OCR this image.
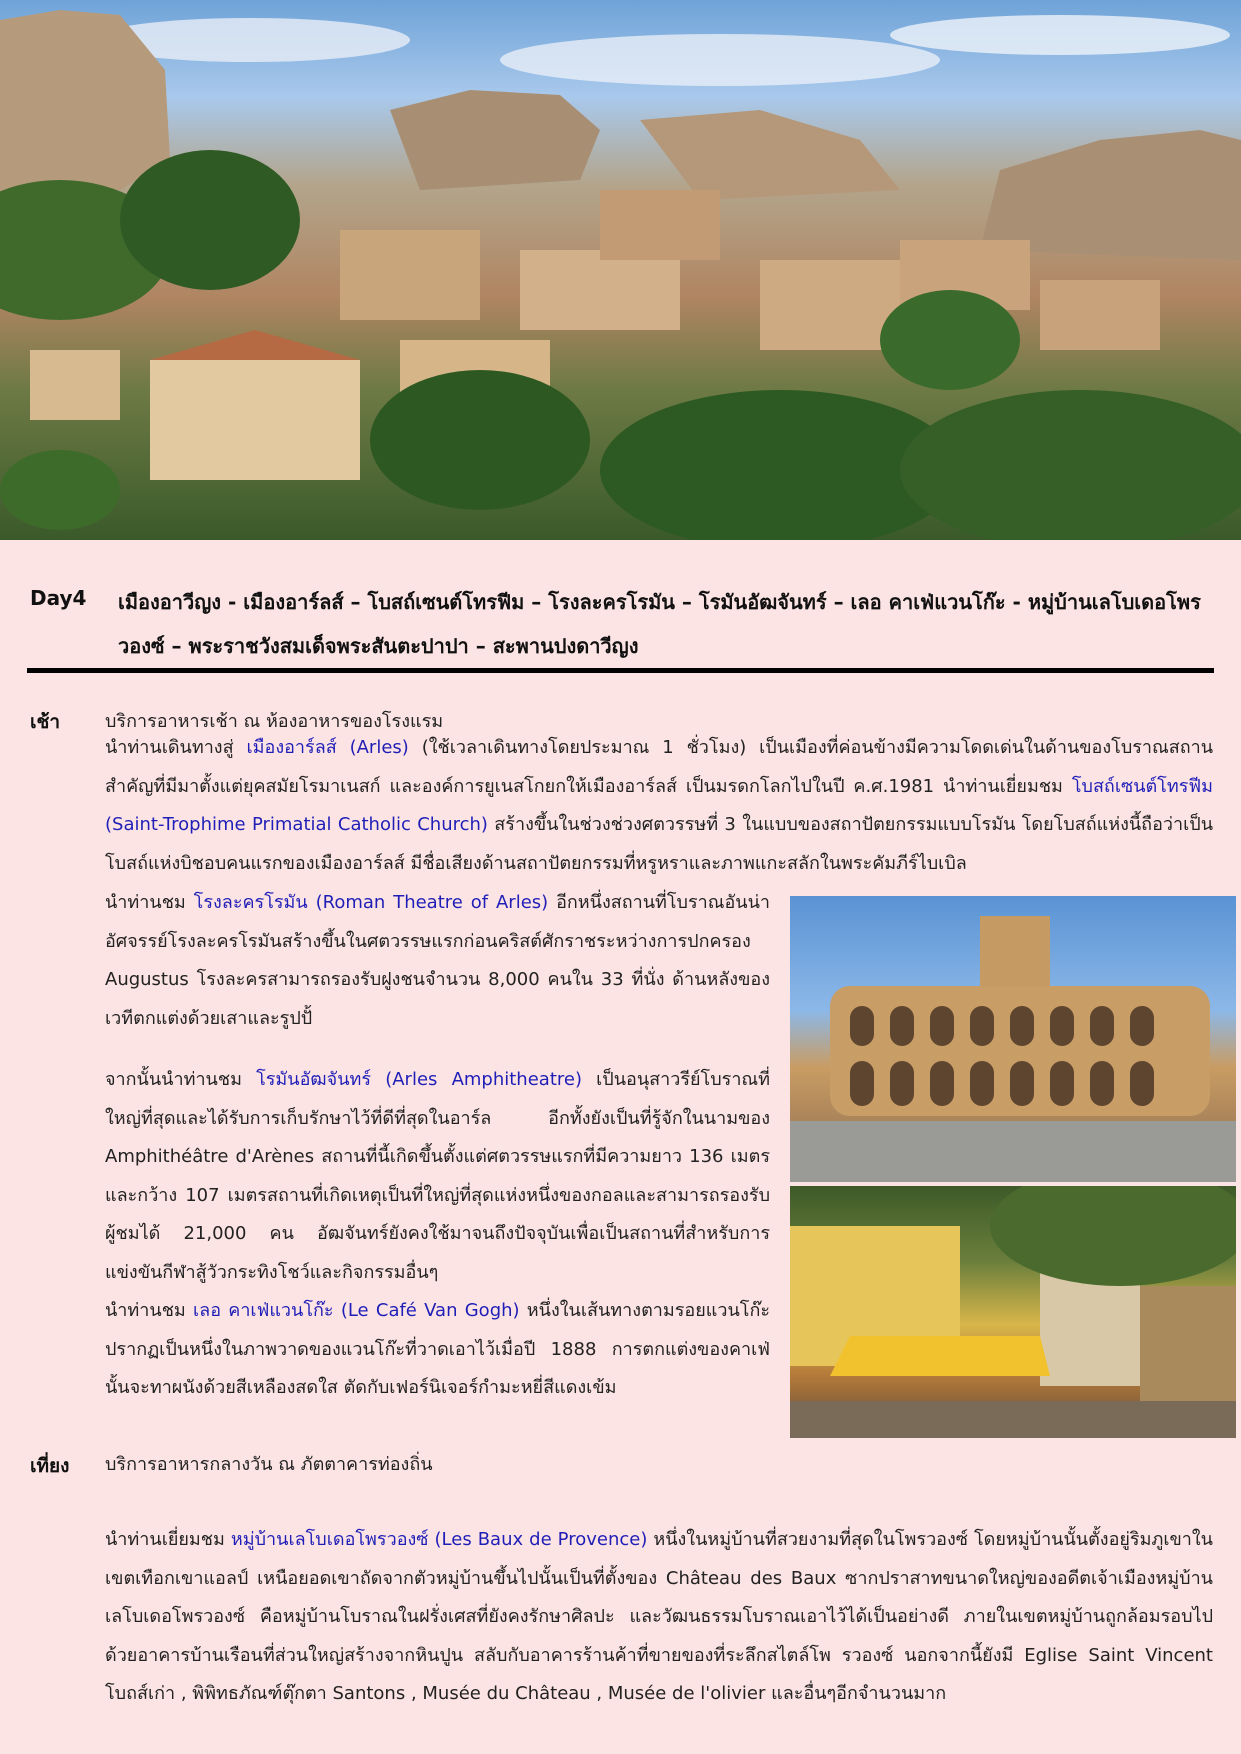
Day4 เมืองอาวีญง - เมืองอาร์ลส์ – โบสถ์เซนต์โทรฟีม – โรงละครโรมัน – โรมันอัฒจันทร์ – เลอ คาเฟ่แวนโก๊ะ - หมู่บ้านเลโบเดอโพรวองซ์ – พระราชวังสมเด็จพระสันตะปาปา – สะพานปงดาวีญง
เช้า บริการอาหารเช้า ณ ห้องอาหารของโรงแรม
นำท่านเดินทางสู่ เมืองอาร์ลส์ (Arles) (ใช้เวลาเดินทางโดยประมาณ 1 ชั่วโมง) เป็นเมืองที่ค่อนข้างมีความโดดเด่นในด้านของโบราณสถานสำคัญที่มีมาตั้งแต่ยุคสมัยโรมาเนสก์ และองค์การยูเนสโกยกให้เมืองอาร์ลส์ เป็นมรดกโลกไปในปี ค.ศ.1981 นำท่านเยี่ยมชม โบสถ์เซนต์โทรฟีม (Saint-Trophime Primatial Catholic Church) สร้างขึ้นในช่วงช่วงศตวรรษที่ 3 ในแบบของสถาปัตยกรรมแบบโรมัน โดยโบสถ์แห่งนี้ถือว่าเป็นโบสถ์แห่งบิชอบคนแรกของเมืองอาร์ลส์ มีชื่อเสียงด้านสถาปัตยกรรมที่หรูหราและภาพแกะสลักในพระคัมภีร์ไบเบิล
นำท่านชม โรงละครโรมัน (Roman Theatre of Arles) อีกหนึ่งสถานที่โบราณอันน่าอัศจรรย์โรงละครโรมันสร้างขึ้นในศตวรรษแรกก่อนคริสต์ศักราชระหว่างการปกครอง Augustus โรงละครสามารถรองรับฝูงชนจำนวน 8,000 คนใน 33 ที่นั่ง ด้านหลังของเวทีตกแต่งด้วยเสาและรูปปั้
จากนั้นนำท่านชม โรมันอัฒจันทร์ (Arles Amphitheatre) เป็นอนุสาวรีย์โบราณที่ใหญ่ที่สุดและได้รับการเก็บรักษาไว้ที่ดีที่สุดในอาร์ล อีกทั้งยังเป็นที่รู้จักในนามของ Amphithéâtre d'Arènes สถานที่นี้เกิดขึ้นตั้งแต่ศตวรรษแรกที่มีความยาว 136 เมตร และกว้าง 107 เมตรสถานที่เกิดเหตุเป็นที่ใหญ่ที่สุดแห่งหนึ่งของกอลและสามารถรองรับผู้ชมได้ 21,000 คน อัฒจันทร์ยังคงใช้มาจนถึงปัจจุบันเพื่อเป็นสถานที่สำหรับการแข่งขันกีฬาสู้วัวกระทิงโชว์และกิจกรรมอื่นๆ
นำท่านชม เลอ คาเฟ่แวนโก๊ะ (Le Café Van Gogh) หนึ่งในเส้นทางตามรอยแวนโก๊ะปรากฏเป็นหนึ่งในภาพวาดของแวนโก๊ะที่วาดเอาไว้เมื่อปี 1888 การตกแต่งของคาเฟ่นั้นจะทาผนังด้วยสีเหลืองสดใส ตัดกับเฟอร์นิเจอร์กำมะหยี่สีแดงเข้ม
เที่ยง บริการอาหารกลางวัน ณ ภัตตาคารท่องถิ่น
นำท่านเยี่ยมชม หมู่บ้านเลโบเดอโพรวองซ์ (Les Baux de Provence) หนึ่งในหมู่บ้านที่สวยงามที่สุดในโพรวองซ์ โดยหมู่บ้านนั้นตั้งอยู่ริมภูเขาในเขตเทือกเขาแอลป์ เหนือยอดเขาถัดจากตัวหมู่บ้านขึ้นไปนั้นเป็นที่ตั้งของ Château des Baux ซากปราสาทขนาดใหญ่ของอดีตเจ้าเมืองหมู่บ้านเลโบเดอโพรวองซ์ คือหมู่บ้านโบราณในฝรั่งเศสที่ยังคงรักษาศิลปะ และวัฒนธรรมโบราณเอาไว้ได้เป็นอย่างดี ภายในเขตหมู่บ้านถูกล้อมรอบไปด้วยอาคารบ้านเรือนที่ส่วนใหญ่สร้างจากหินปูน สลับกับอาคารร้านค้าที่ขายของที่ระลึกสไตล์โพ รวองซ์ นอกจากนี้ยังมี Eglise Saint Vincent โบถส์เก่า , พิพิทธภัณฑ์ตุ๊กตา Santons , Musée du Château , Musée de l'olivier และอื่นๆอีกจำนวนมาก
